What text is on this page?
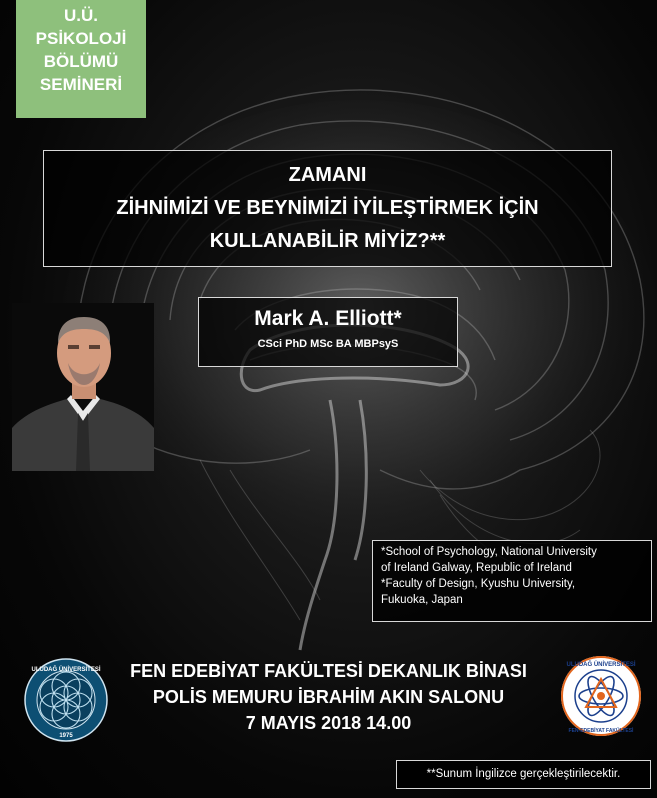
U.Ü.
PSİKOLOJİ
BÖLÜMÜ
SEMİNERİ
ZAMANI
ZİHNİMİZİ VE BEYNİMİZİ İYİLEŞTİRMEK İÇİN
KULLANABİLİR MİYİZ?**
Mark A. Elliott*
CSci PhD MSc BA MBPsyS
*School of Psychology, National University
of Ireland Galway, Republic of Ireland
*Faculty of Design, Kyushu University,
Fukuoka, Japan
ULUDAĞ ÜNİVERSİTESİ
1975
FEN EDEBİYAT FAKÜLTESİ DEKANLIK BİNASI
POLİS MEMURU İBRAHİM AKIN SALONU
7 MAYIS 2018 14.00
ULUDAĞ ÜNİVERSİTESİ
FEN-EDEBİYAT FAKÜLTESİ
**Sunum İngilizce gerçekleştirilecektir.
